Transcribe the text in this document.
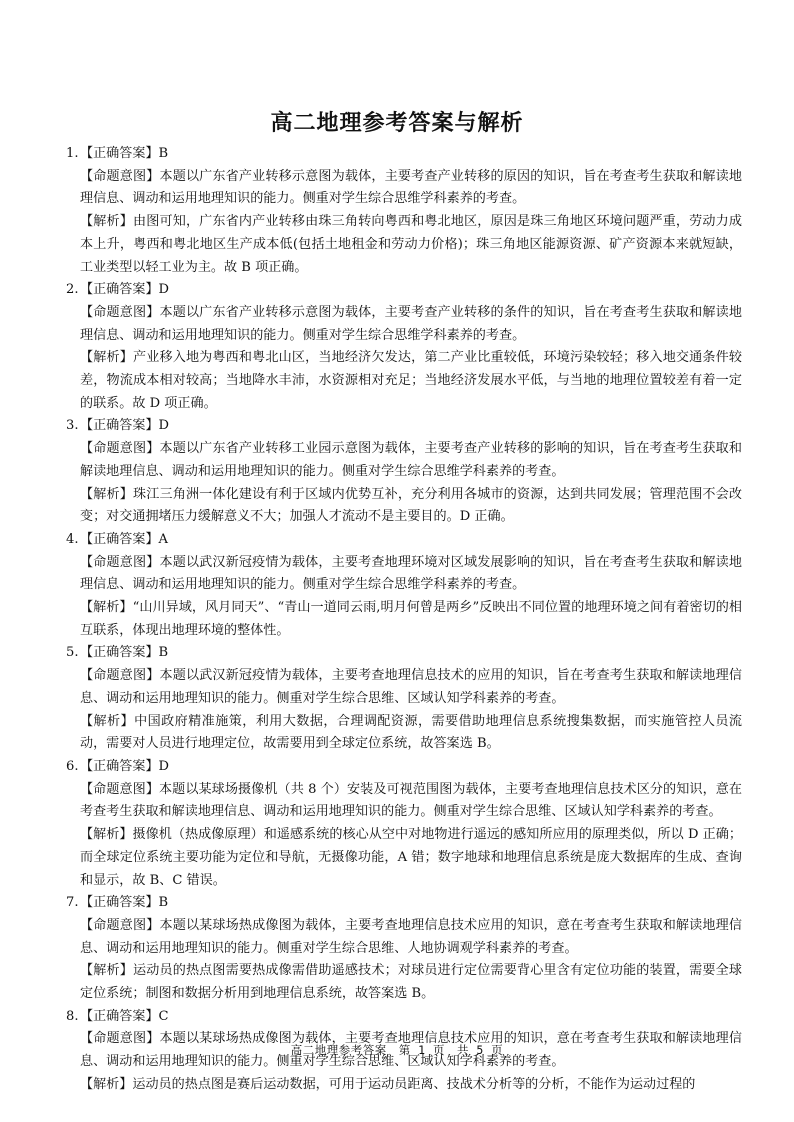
高二地理参考答案与解析

1. 【正确答案】B

【命题意图】本题以广东省产业转移示意图为载体，主要考查产业转移的原因的知识，旨在考查考生获取和解读地理信息、调动和运用地理知识的能力。侧重对学生综合思维学科素养的考查。

【解析】由图可知，广东省内产业转移由珠三角转向粤西和粤北地区，原因是珠三角地区环境问题严重，劳动力成本上升，粤西和粤北地区生产成本低(包括土地租金和劳动力价格)；珠三角地区能源资源、矿产资源本来就短缺，工业类型以轻工业为主。故 B 项正确。

2. 【正确答案】D

【命题意图】本题以广东省产业转移示意图为载体，主要考查产业转移的条件的知识，旨在考查考生获取和解读地理信息、调动和运用地理知识的能力。侧重对学生综合思维学科素养的考查。

【解析】产业移入地为粤西和粤北山区，当地经济欠发达，第二产业比重较低，环境污染较轻；移入地交通条件较差，物流成本相对较高；当地降水丰沛，水资源相对充足；当地经济发展水平低，与当地的地理位置较差有着一定的联系。故 D 项正确。

3. 【正确答案】D

【命题意图】本题以广东省产业转移工业园示意图为载体，主要考查产业转移的影响的知识，旨在考查考生获取和解读地理信息、调动和运用地理知识的能力。侧重对学生综合思维学科素养的考查。

【解析】珠江三角洲一体化建设有利于区域内优势互补，充分利用各城市的资源，达到共同发展；管理范围不会改变；对交通拥堵压力缓解意义不大；加强人才流动不是主要目的。D 正确。

4. 【正确答案】A

【命题意图】本题以武汉新冠疫情为载体，主要考查地理环境对区域发展影响的知识，旨在考查考生获取和解读地理信息、调动和运用地理知识的能力。侧重对学生综合思维学科素养的考查。

【解析】“山川异域，风月同天”、“青山一道同云雨,明月何曾是两乡”反映出不同位置的地理环境之间有着密切的相互联系，体现出地理环境的整体性。

5. 【正确答案】B

【命题意图】本题以武汉新冠疫情为载体，主要考查地理信息技术的应用的知识，旨在考查考生获取和解读地理信息、调动和运用地理知识的能力。侧重对学生综合思维、区域认知学科素养的考查。

【解析】中国政府精准施策，利用大数据，合理调配资源，需要借助地理信息系统搜集数据，而实施管控人员流动，需要对人员进行地理定位，故需要用到全球定位系统，故答案选 B。

6. 【正确答案】D

【命题意图】本题以某球场摄像机（共 8 个）安装及可视范围图为载体，主要考查地理信息技术区分的知识，意在考查考生获取和解读地理信息、调动和运用地理知识的能力。侧重对学生综合思维、区域认知学科素养的考查。

【解析】摄像机（热成像原理）和遥感系统的核心从空中对地物进行遥远的感知所应用的原理类似，所以 D 正确；而全球定位系统主要功能为定位和导航，无摄像功能，A 错；数字地球和地理信息系统是庞大数据库的生成、查询和显示，故 B、C 错误。

7. 【正确答案】B

【命题意图】本题以某球场热成像图为载体，主要考查地理信息技术应用的知识，意在考查考生获取和解读地理信息、调动和运用地理知识的能力。侧重对学生综合思维、人地协调观学科素养的考查。

【解析】运动员的热点图需要热成像需借助遥感技术；对球员进行定位需要背心里含有定位功能的装置，需要全球定位系统；制图和数据分析用到地理信息系统，故答案选 B。

8. 【正确答案】C

【命题意图】本题以某球场热成像图为载体，主要考查地理信息技术应用的知识，意在考查考生获取和解读地理信息、调动和运用地理知识的能力。侧重对学生综合思维、区域认知学科素养的考查。

【解析】运动员的热点图是赛后运动数据，可用于运动员距离、技战术分析等的分析，不能作为运动过程的

高二地理参考答案　第 1 页　共 5 页
